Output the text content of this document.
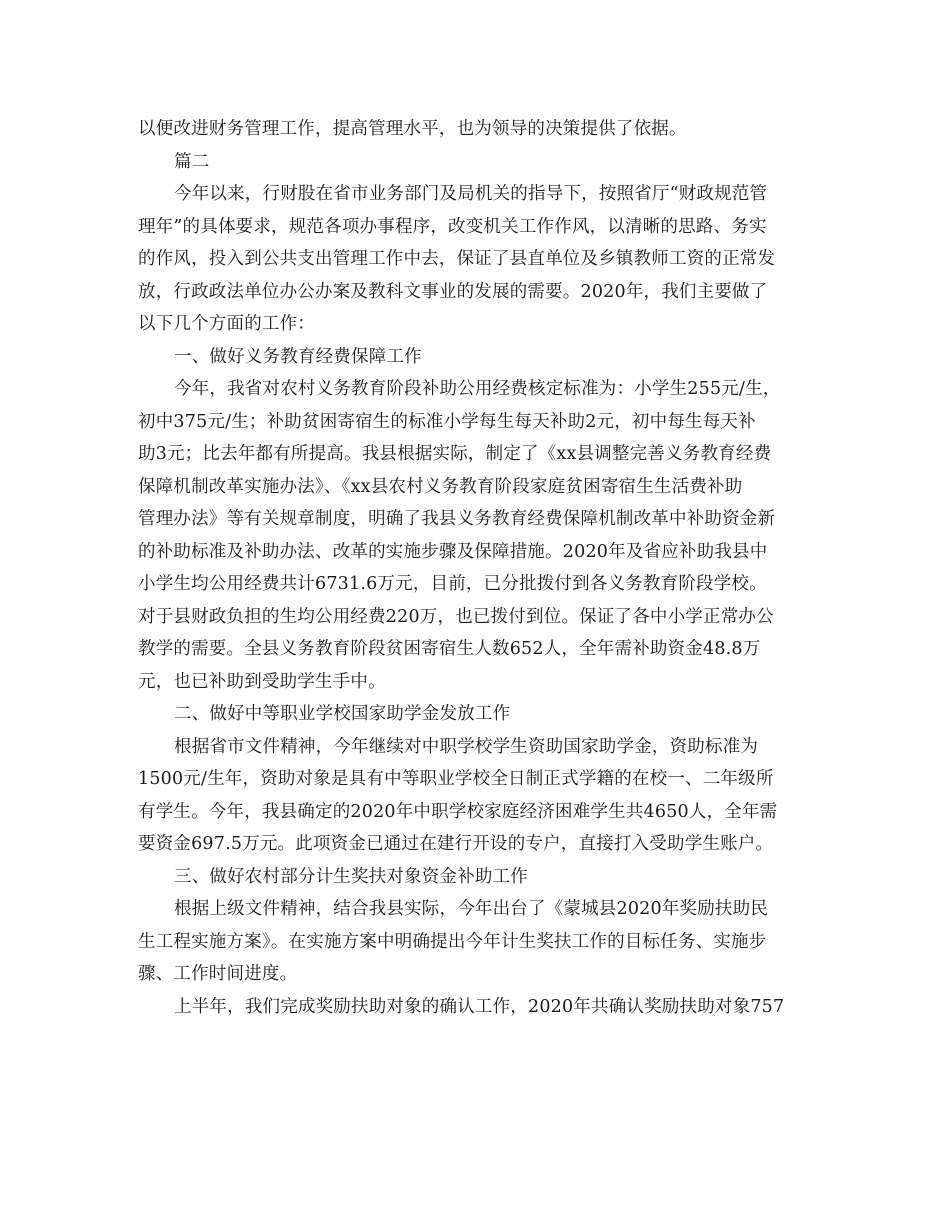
以便改进财务管理工作，提高管理水平，也为领导的决策提供了依据。
篇二
今年以来，行财股在省市业务部门及局机关的指导下，按照省厅“财政规范管
理年”的具体要求，规范各项办事程序，改变机关工作作风，以清晰的思路、务实
的作风，投入到公共支出管理工作中去，保证了县直单位及乡镇教师工资的正常发
放，行政政法单位办公办案及教科文事业的发展的需要。2020年，我们主要做了
以下几个方面的工作：
一、做好义务教育经费保障工作
今年，我省对农村义务教育阶段补助公用经费核定标准为：小学生255元/生，
初中375元/生；补助贫困寄宿生的标准小学每生每天补助2元，初中每生每天补
助3元；比去年都有所提高。我县根据实际，制定了《xx县调整完善义务教育经费
保障机制改革实施办法》、《xx县农村义务教育阶段家庭贫困寄宿生生活费补助
管理办法》等有关规章制度，明确了我县义务教育经费保障机制改革中补助资金新
的补助标准及补助办法、改革的实施步骤及保障措施。2020年及省应补助我县中
小学生均公用经费共计6731.6万元，目前，已分批拨付到各义务教育阶段学校。
对于县财政负担的生均公用经费220万，也已拨付到位。保证了各中小学正常办公
教学的需要。全县义务教育阶段贫困寄宿生人数652人，全年需补助资金48.8万
元，也已补助到受助学生手中。
二、做好中等职业学校国家助学金发放工作
根据省市文件精神，今年继续对中职学校学生资助国家助学金，资助标准为
1500元/生年，资助对象是具有中等职业学校全日制正式学籍的在校一、二年级所
有学生。今年，我县确定的2020年中职学校家庭经济困难学生共4650人，全年需
要资金697.5万元。此项资金已通过在建行开设的专户，直接打入受助学生账户。
三、做好农村部分计生奖扶对象资金补助工作
根据上级文件精神，结合我县实际，今年出台了《蒙城县2020年奖励扶助民
生工程实施方案》。在实施方案中明确提出今年计生奖扶工作的目标任务、实施步
骤、工作时间进度。
上半年，我们完成奖励扶助对象的确认工作，2020年共确认奖励扶助对象757
